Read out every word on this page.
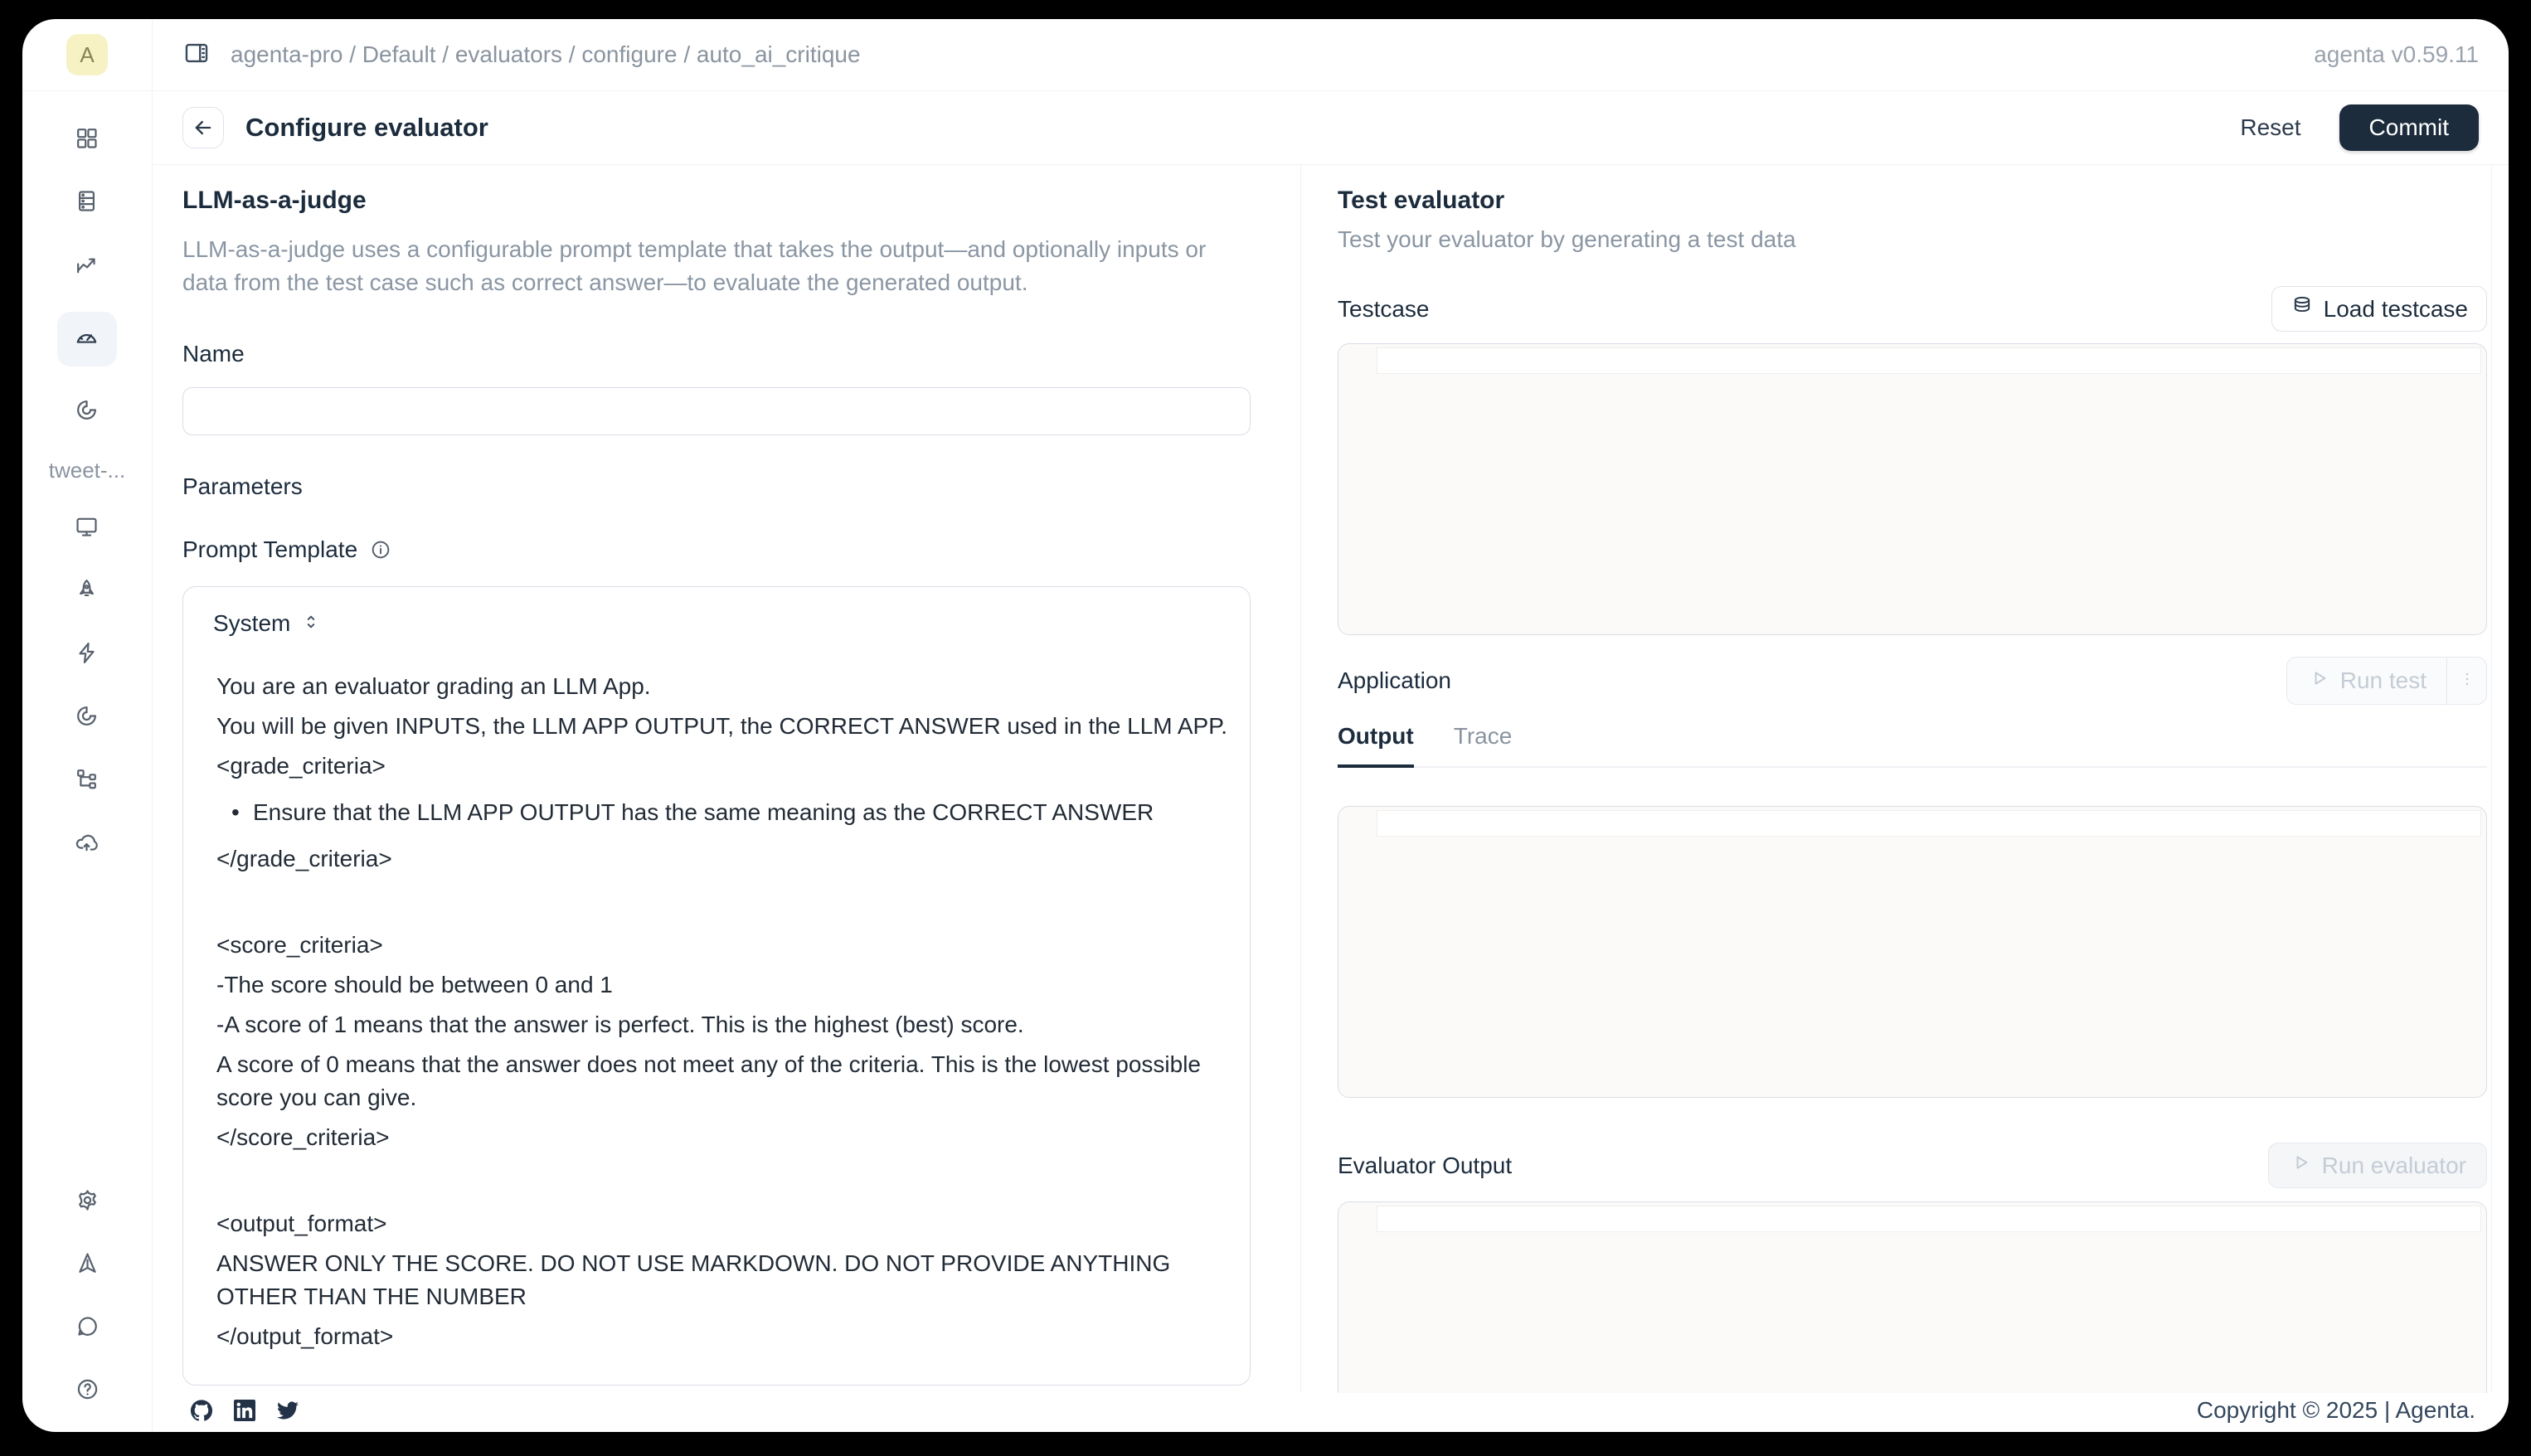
A
tweet-...
agenta-pro / Default / evaluators / configure / auto_ai_critique	agenta v0.59.11
Configure evaluator	Reset	Commit
LLM-as-a-judge
LLM-as-a-judge uses a configurable prompt template that takes the output—and optionally inputs or data from the test case such as correct answer—to evaluate the generated output.
Name
Parameters
Prompt Template
System

You are an evaluator grading an LLM App.

You will be given INPUTS, the LLM APP OUTPUT, the CORRECT ANSWER used in the LLM APP.

<grade_criteria>

• Ensure that the LLM APP OUTPUT has the same meaning as the CORRECT ANSWER

</grade_criteria>

<score_criteria>

-The score should be between 0 and 1

-A score of 1 means that the answer is perfect. This is the highest (best) score.

A score of 0 means that the answer does not meet any of the criteria. This is the lowest possible score you can give.

</score_criteria>

<output_format>

ANSWER ONLY THE SCORE. DO NOT USE MARKDOWN. DO NOT PROVIDE ANYTHING OTHER THAN THE NUMBER

</output_format>

Test evaluator
Test your evaluator by generating a test data
Testcase	Load testcase
Application	Run test
Output Trace
Evaluator Output	Run evaluator
Copyright © 2025 | Agenta.
